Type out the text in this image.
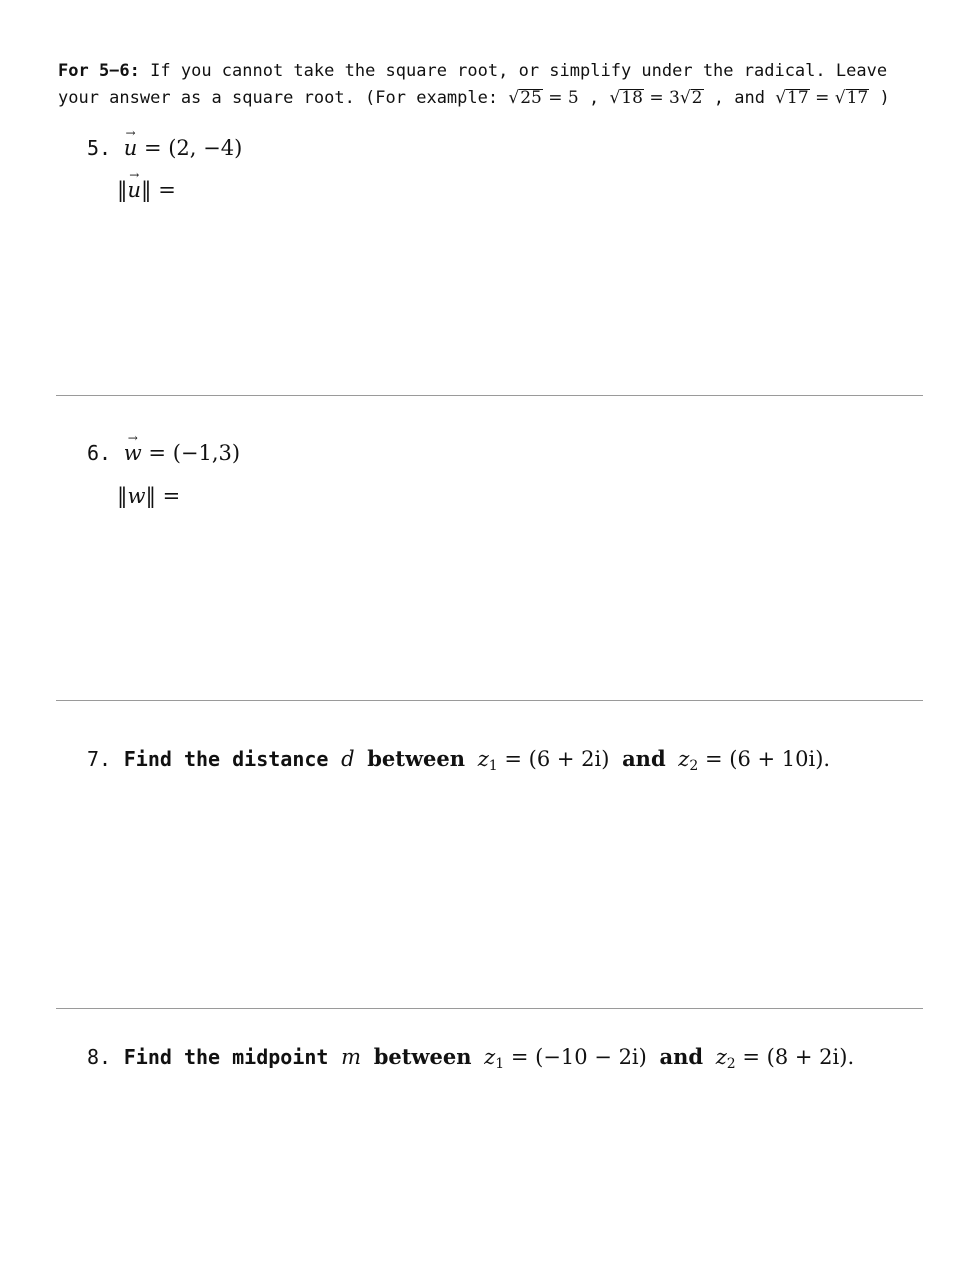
For 5−6: If you cannot take the square root, or simplify under the radical. Leave
your answer as a square root. (For example: √25 = 5 , √18 = 3√2 , and √17 = √17 )
5.
→
u = (2, −4)
‖
→
u‖ =
6.
→
w = (−1,3)
‖w‖ =
7. Find the distance d between $z_1 = (6 + 2i)$ and $z_2 = (6 + 10i)$.
8. Find the midpoint m between $z_1 = (-10 - 2i)$ and $z_2 = (8 + 2i)$.
